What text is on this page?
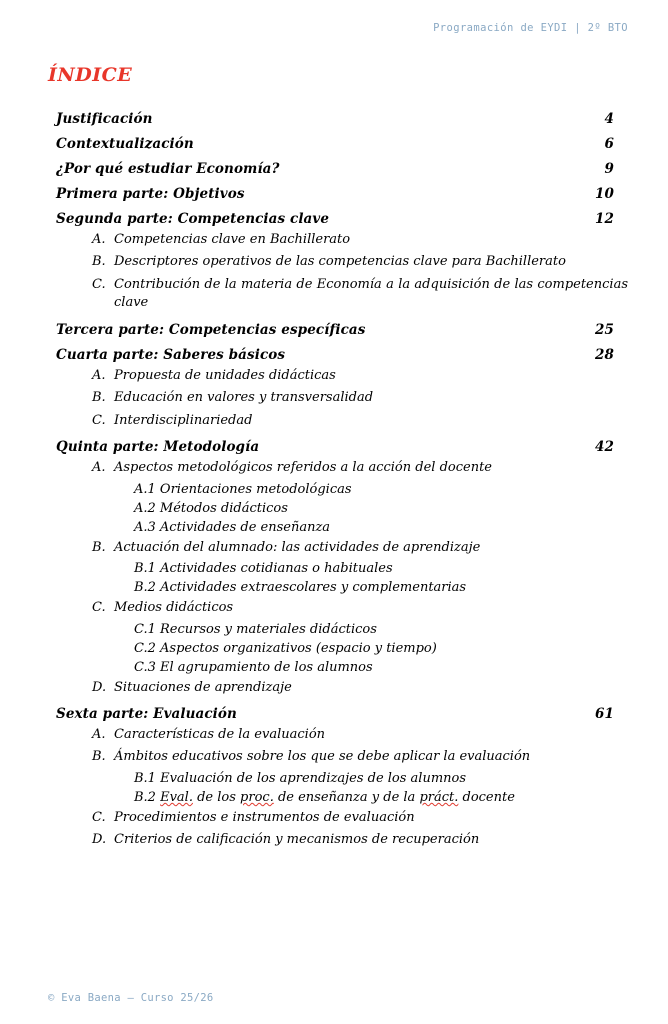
Programación de EYDI | 2º BTO
ÍNDICE
Justificación	4
Contextualización	6
¿Por qué estudiar Economía?	9
Primera parte: Objetivos	10
Segunda parte: Competencias clave	12
A. Competencias clave en Bachillerato
B. Descriptores operativos de las competencias clave para Bachillerato
C. Contribución de la materia de Economía a la adquisición de las competencias clave
Tercera parte: Competencias específicas	25
Cuarta parte: Saberes básicos	28
A. Propuesta de unidades didácticas
B. Educación en valores y transversalidad
C. Interdisciplinariedad
Quinta parte: Metodología	42
A. Aspectos metodológicos referidos a la acción del docente
A.1 Orientaciones metodológicas
A.2 Métodos didácticos
A.3 Actividades de enseñanza
B. Actuación del alumnado: las actividades de aprendizaje
B.1 Actividades cotidianas o habituales
B.2 Actividades extraescolares y complementarias
C. Medios didácticos
C.1 Recursos y materiales didácticos
C.2 Aspectos organizativos (espacio y tiempo)
C.3 El agrupamiento de los alumnos
D. Situaciones de aprendizaje
Sexta parte: Evaluación	61
A. Características de la evaluación
B. Ámbitos educativos sobre los que se debe aplicar la evaluación
B.1 Evaluación de los aprendizajes de los alumnos
B.2 Eval. de los proc. de enseñanza y de la práct. docente
C. Procedimientos e instrumentos de evaluación
D. Criterios de calificación y mecanismos de recuperación
© Eva Baena — Curso 25/26
